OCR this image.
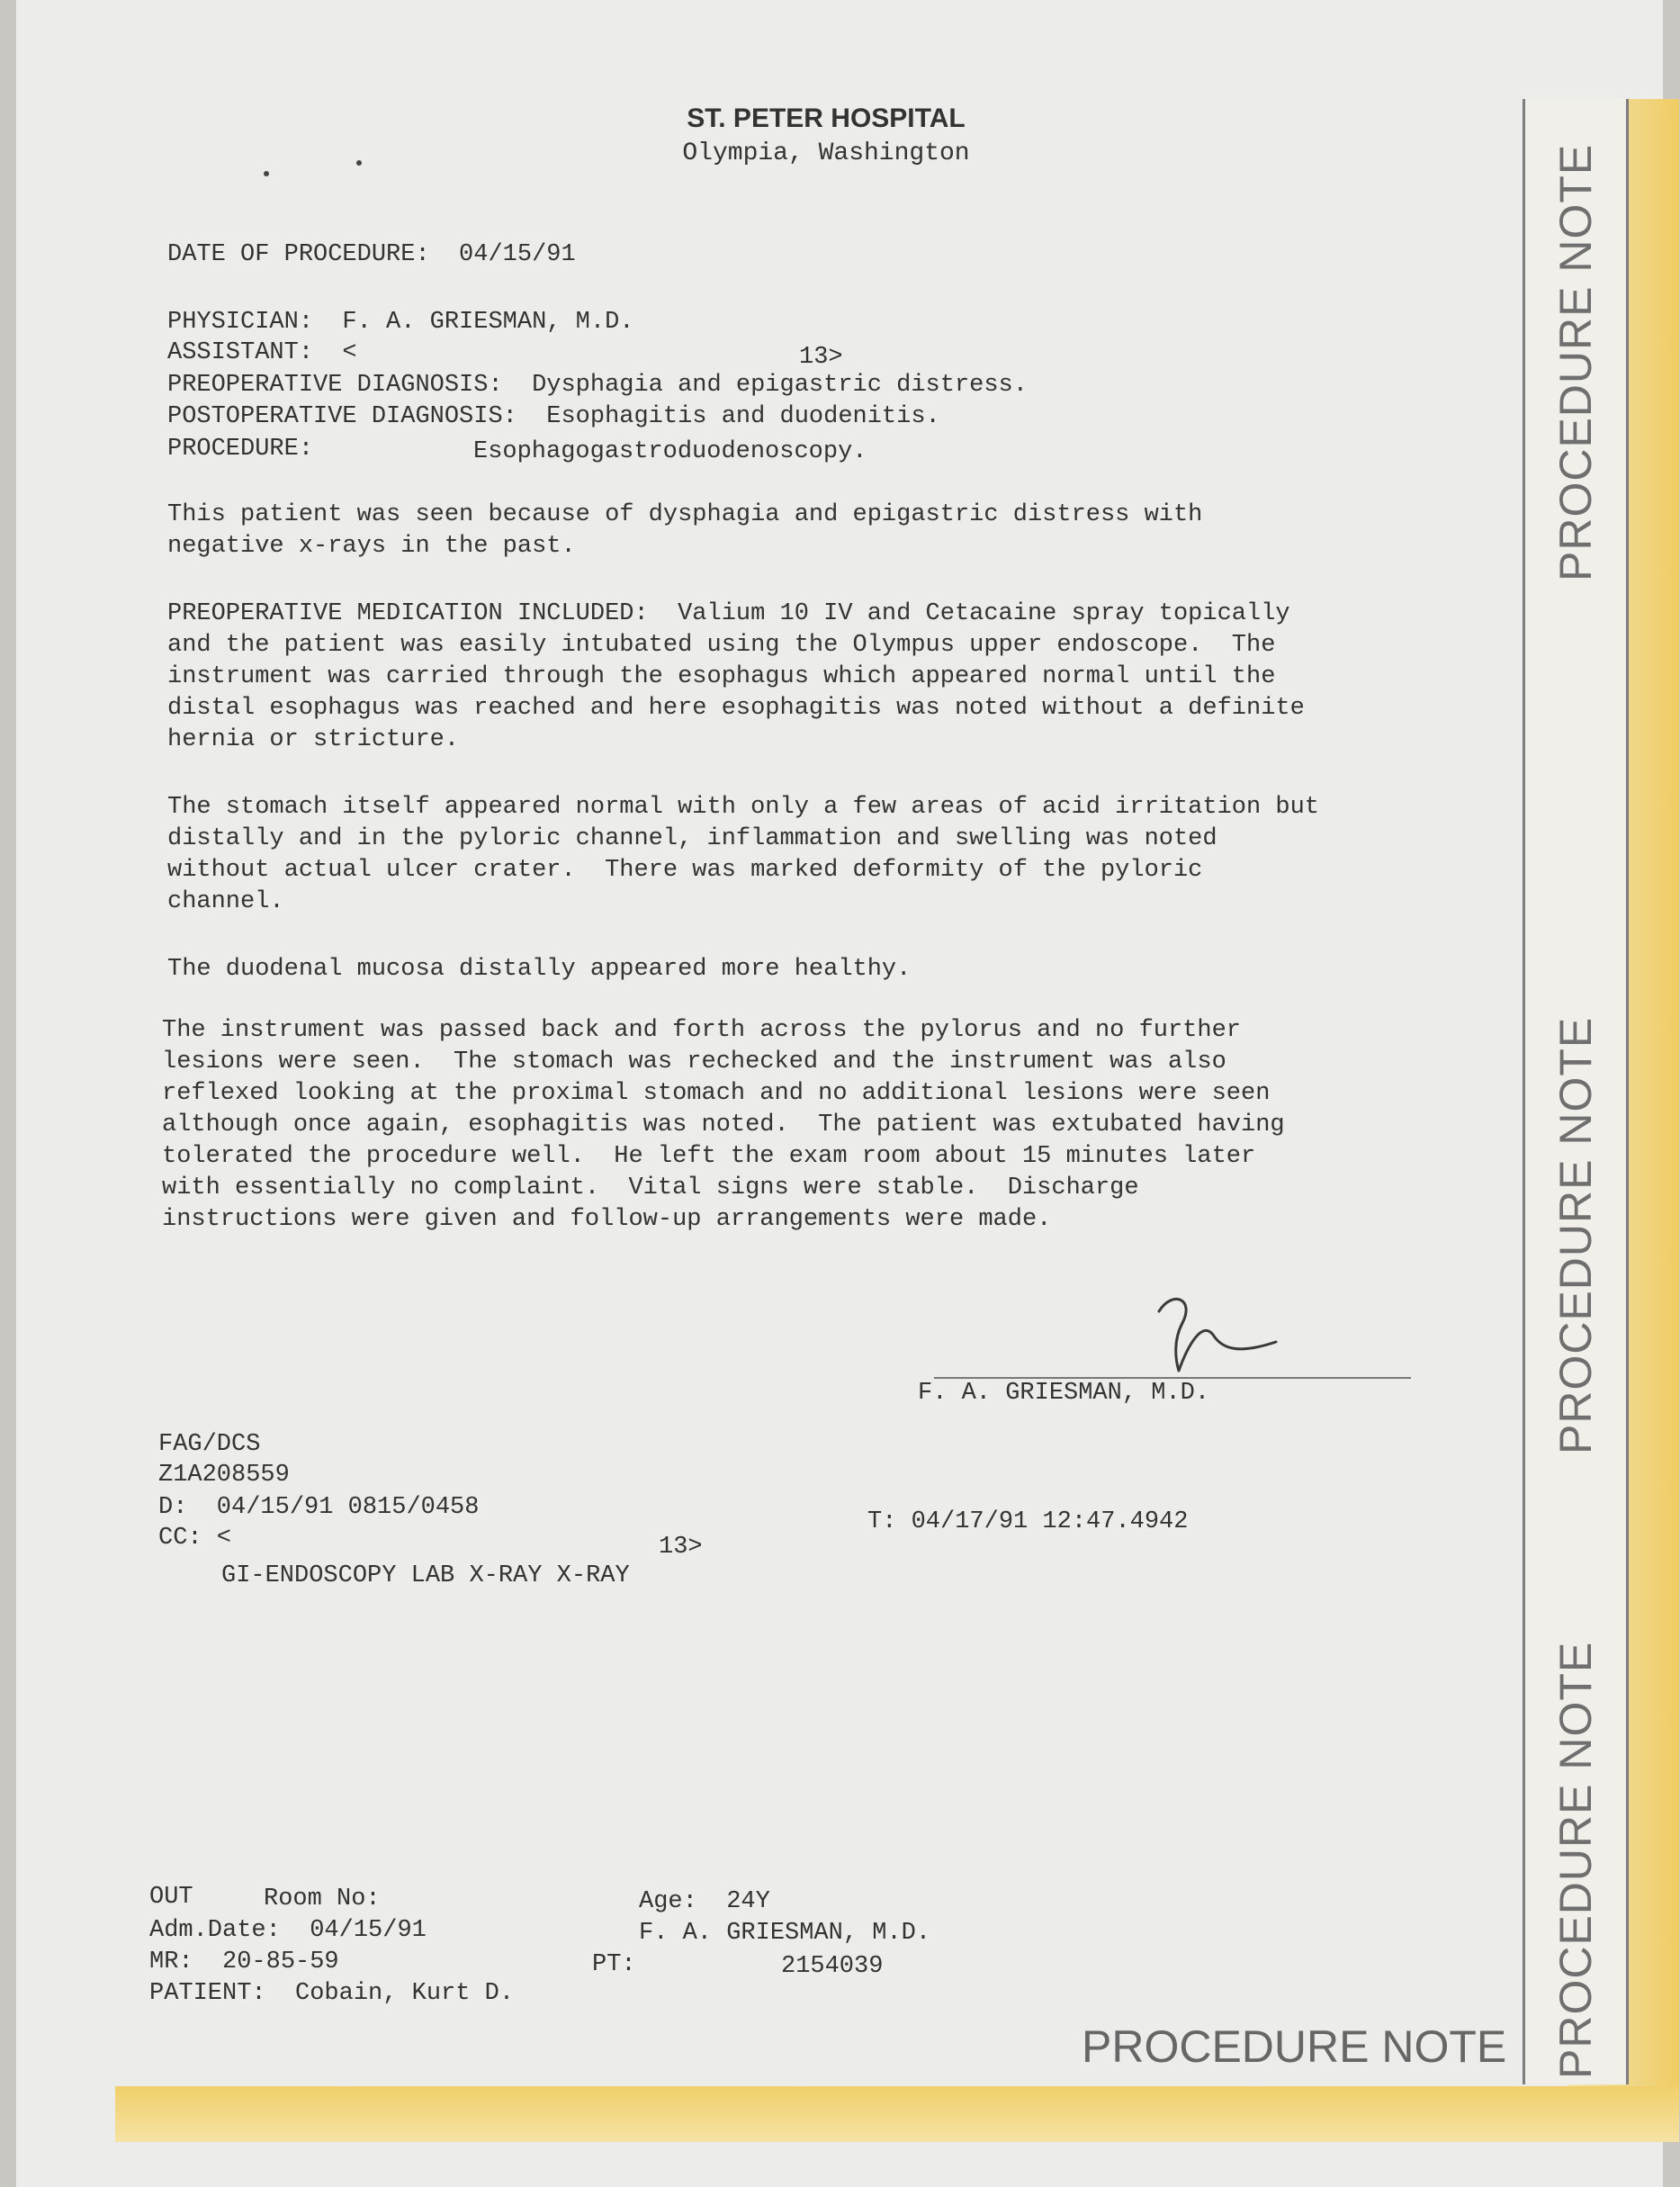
PROCEDURE NOTE
PROCEDURE NOTE
PROCEDURE NOTE
ST. PETER HOSPITAL
Olympia, Washington
DATE OF PROCEDURE:  04/15/91
PHYSICIAN:  F. A. GRIESMAN, M.D.
ASSISTANT:  <	13>
PREOPERATIVE DIAGNOSIS:  Dysphagia and epigastric distress.
POSTOPERATIVE DIAGNOSIS:  Esophagitis and duodenitis.
PROCEDURE:	Esophagogastroduodenoscopy.
This patient was seen because of dysphagia and epigastric distress with
negative x-rays in the past.
PREOPERATIVE MEDICATION INCLUDED:  Valium 10 IV and Cetacaine spray topically
and the patient was easily intubated using the Olympus upper endoscope.  The
instrument was carried through the esophagus which appeared normal until the
distal esophagus was reached and here esophagitis was noted without a definite
hernia or stricture.
The stomach itself appeared normal with only a few areas of acid irritation but
distally and in the pyloric channel, inflammation and swelling was noted
without actual ulcer crater.  There was marked deformity of the pyloric
channel.
The duodenal mucosa distally appeared more healthy.
The instrument was passed back and forth across the pylorus and no further
lesions were seen.  The stomach was rechecked and the instrument was also
reflexed looking at the proximal stomach and no additional lesions were seen
although once again, esophagitis was noted.  The patient was extubated having
tolerated the procedure well.  He left the exam room about 15 minutes later
with essentially no complaint.  Vital signs were stable.  Discharge
instructions were given and follow-up arrangements were made.
F. A. GRIESMAN, M.D.
FAG/DCS
Z1A208559
D:  04/15/91 0815/0458
T: 04/17/91 12:47.4942
CC: <	13>
GI-ENDOSCOPY LAB X-RAY X-RAY
OUT	Room No:
Adm.Date:  04/15/91
MR:  20-85-59
PATIENT:  Cobain, Kurt D.
Age:  24Y
F. A. GRIESMAN, M.D.
PT:	2154039
PROCEDURE NOTE
